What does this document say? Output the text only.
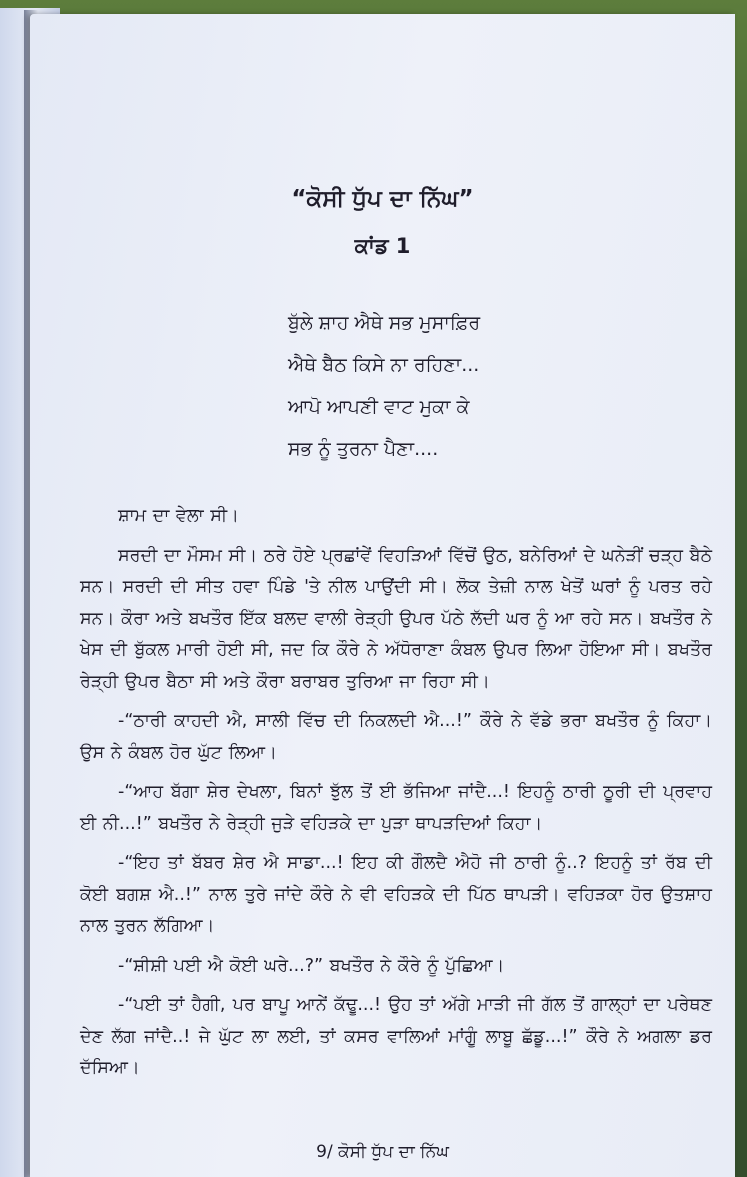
“ਕੋਸੀ ਧੁੱਪ ਦਾ ਨਿੱਘ”
ਕਾਂਡ 1
ਬੁੱਲੇ ਸ਼ਾਹ ਐਥੇ ਸਭ ਮੁਸਾਫ਼ਿਰ
ਐਥੇ ਬੈਠ ਕਿਸੇ ਨਾ ਰਹਿਣਾ...
ਆਪੋ ਆਪਣੀ ਵਾਟ ਮੁਕਾ ਕੇ
ਸਭ ਨੂੰ ਤੁਰਨਾ ਪੈਣਾ....

ਸ਼ਾਮ ਦਾ ਵੇਲਾ ਸੀ।

ਸਰਦੀ ਦਾ ਮੌਸਮ ਸੀ। ਠਰੇ ਹੋਏ ਪ੍ਰਛਾਂਵੇਂ ਵਿਹੜਿਆਂ ਵਿੱਚੋਂ ਉਠ, ਬਨੇਰਿਆਂ ਦੇ ਘਨੇੜੀਂ ਚੜ੍ਹ ਬੈਠੇ ਸਨ। ਸਰਦੀ ਦੀ ਸੀਤ ਹਵਾ ਪਿੰਡੇ 'ਤੇ ਨੀਲ ਪਾਉਂਦੀ ਸੀ। ਲੋਕ ਤੇਜ਼ੀ ਨਾਲ ਖੇਤੋਂ ਘਰਾਂ ਨੂੰ ਪਰਤ ਰਹੇ ਸਨ। ਕੌਰਾ ਅਤੇ ਬਖਤੌਰ ਇੱਕ ਬਲਦ ਵਾਲੀ ਰੇੜ੍ਹੀ ਉਪਰ ਪੱਠੇ ਲੱਦੀ ਘਰ ਨੂੰ ਆ ਰਹੇ ਸਨ। ਬਖਤੌਰ ਨੇ ਖੇਸ ਦੀ ਬੁੱਕਲ ਮਾਰੀ ਹੋਈ ਸੀ, ਜਦ ਕਿ ਕੌਰੇ ਨੇ ਅੱਧੋਰਾਣਾ ਕੰਬਲ ਉਪਰ ਲਿਆ ਹੋਇਆ ਸੀ। ਬਖਤੌਰ ਰੇੜ੍ਹੀ ਉਪਰ ਬੈਠਾ ਸੀ ਅਤੇ ਕੌਰਾ ਬਰਾਬਰ ਤੁਰਿਆ ਜਾ ਰਿਹਾ ਸੀ।

-“ਠਾਰੀ ਕਾਹਦੀ ਐ, ਸਾਲੀ ਵਿੱਚ ਦੀ ਨਿਕਲਦੀ ਐ...!” ਕੌਰੇ ਨੇ ਵੱਡੇ ਭਰਾ ਬਖਤੌਰ ਨੂੰ ਕਿਹਾ। ਉਸ ਨੇ ਕੰਬਲ ਹੋਰ ਘੁੱਟ ਲਿਆ।

-“ਆਹ ਬੱਗਾ ਸ਼ੇਰ ਦੇਖਲਾ, ਬਿਨਾਂ ਝੁੱਲ ਤੋਂ ਈ ਭੱਜਿਆ ਜਾਂਦੈ...! ਇਹਨੂੰ ਠਾਰੀ ਠੂਰੀ ਦੀ ਪ੍ਰਵਾਹ ਈ ਨੀ...!” ਬਖਤੌਰ ਨੇ ਰੇੜ੍ਹੀ ਜੁੜੇ ਵਹਿੜਕੇ ਦਾ ਪੁੜਾ ਥਾਪੜਦਿਆਂ ਕਿਹਾ।

-“ਇਹ ਤਾਂ ਬੱਬਰ ਸ਼ੇਰ ਐ ਸਾਡਾ...! ਇਹ ਕੀ ਗੌਲਦੈ ਐਹੋ ਜੀ ਠਾਰੀ ਨੂੰ..? ਇਹਨੂੰ ਤਾਂ ਰੱਬ ਦੀ ਕੋਈ ਬਗਸ਼ ਐ..!” ਨਾਲ ਤੁਰੇ ਜਾਂਦੇ ਕੌਰੇ ਨੇ ਵੀ ਵਹਿੜਕੇ ਦੀ ਪਿੱਠ ਥਾਪੜੀ। ਵਹਿੜਕਾ ਹੋਰ ਉਤਸ਼ਾਹ ਨਾਲ ਤੁਰਨ ਲੱਗਿਆ।

-“ਸ਼ੀਸ਼ੀ ਪਈ ਐ ਕੋਈ ਘਰੇ...?” ਬਖਤੌਰ ਨੇ ਕੌਰੇ ਨੂੰ ਪੁੱਛਿਆ।

-“ਪਈ ਤਾਂ ਹੈਗੀ, ਪਰ ਬਾਪੂ ਆਨੇਂ ਕੱਢੂ...! ਉਹ ਤਾਂ ਅੱਗੇ ਮਾੜੀ ਜੀ ਗੱਲ ਤੋਂ ਗਾਲ੍ਹਾਂ ਦਾ ਪਰੇਥਣ ਦੇਣ ਲੱਗ ਜਾਂਦੈ..! ਜੇ ਘੁੱਟ ਲਾ ਲਈ, ਤਾਂ ਕਸਰ ਵਾਲਿਆਂ ਮਾਂਗੂੰ ਲਾਬੂ ਛੱਡੂ...!” ਕੌਰੇ ਨੇ ਅਗਲਾ ਡਰ ਦੱਸਿਆ।

9/ ਕੋਸੀ ਧੁੱਪ ਦਾ ਨਿੱਘ
